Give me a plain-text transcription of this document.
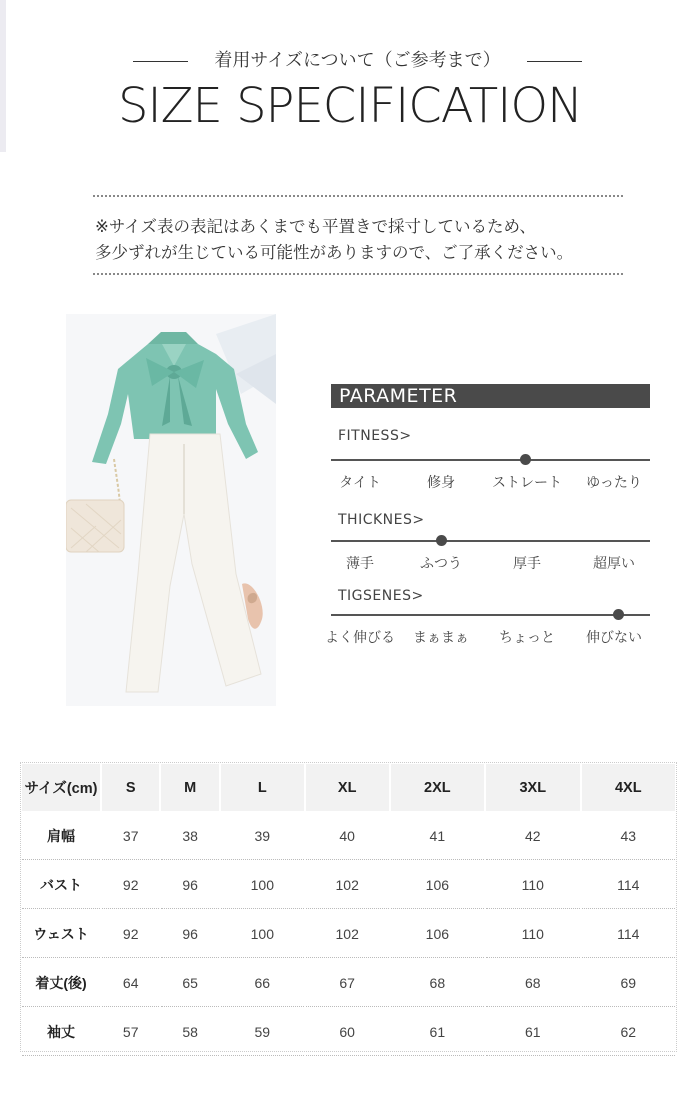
着用サイズについて（ご参考まで）
SIZE SPECIFICATION
※サイズ表の表記はあくまでも平置きで採寸しているため、
多少ずれが生じている可能性がありますので、ご了承ください。
PARAMETER
FITNESS>
タイト	修身	ストレート	ゆったり
THICKNES>
薄手	ふつう	厚手	超厚い
TIGSENES>
よく伸びる	まぁまぁ	ちょっと	伸びない
サイズ(cm)	S	M	L	XL	2XL	3XL	4XL
肩幅	37	38	39	40	41	42	43
バスト	92	96	100	102	106	110	114
ウェスト	92	96	100	102	106	110	114
着丈(後)	64	65	66	67	68	68	69
袖丈	57	58	59	60	61	61	62
